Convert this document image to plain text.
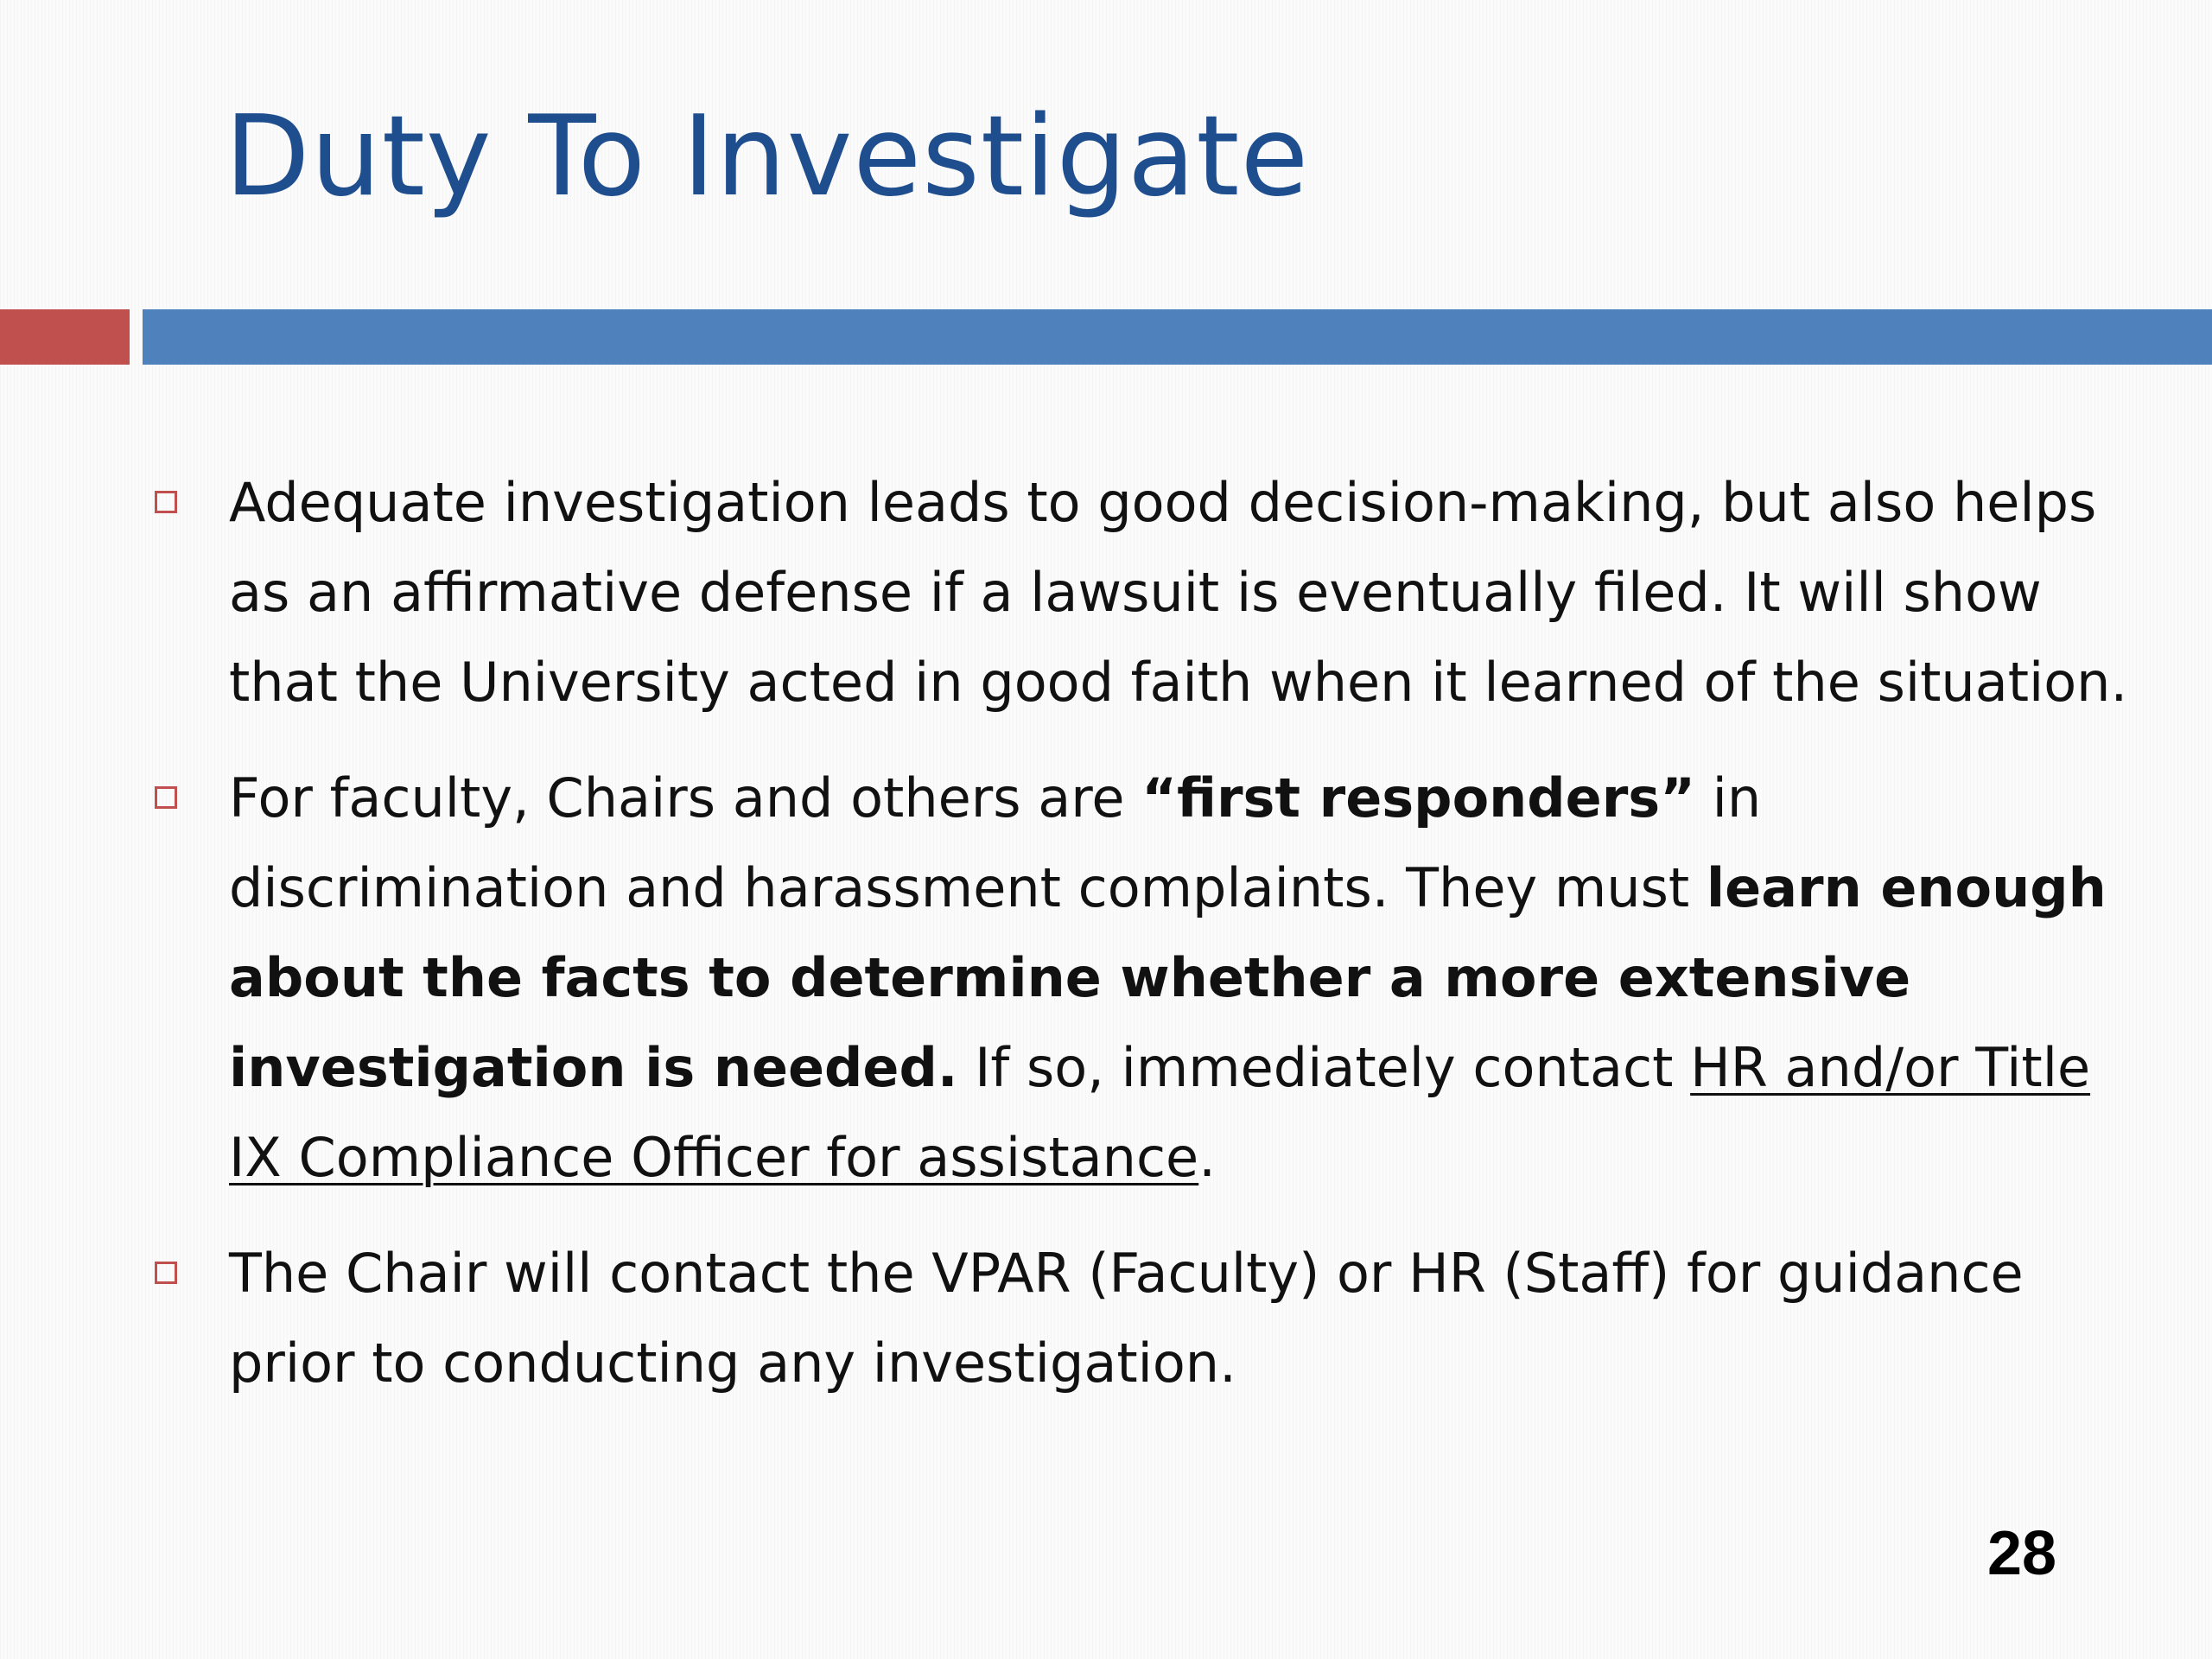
Duty To Investigate
Adequate investigation leads to good decision-making, but also helps as an affirmative defense if a lawsuit is eventually filed. It will show that the University acted in good faith when it learned of the situation.
For faculty, Chairs and others are “first responders” in discrimination and harassment complaints. They must learn enough about the facts to determine whether a more extensive investigation is needed. If so, immediately contact HR and/or Title IX Compliance Officer for assistance.
The Chair will contact the VPAR (Faculty) or HR (Staff) for guidance prior to conducting any investigation.
28
